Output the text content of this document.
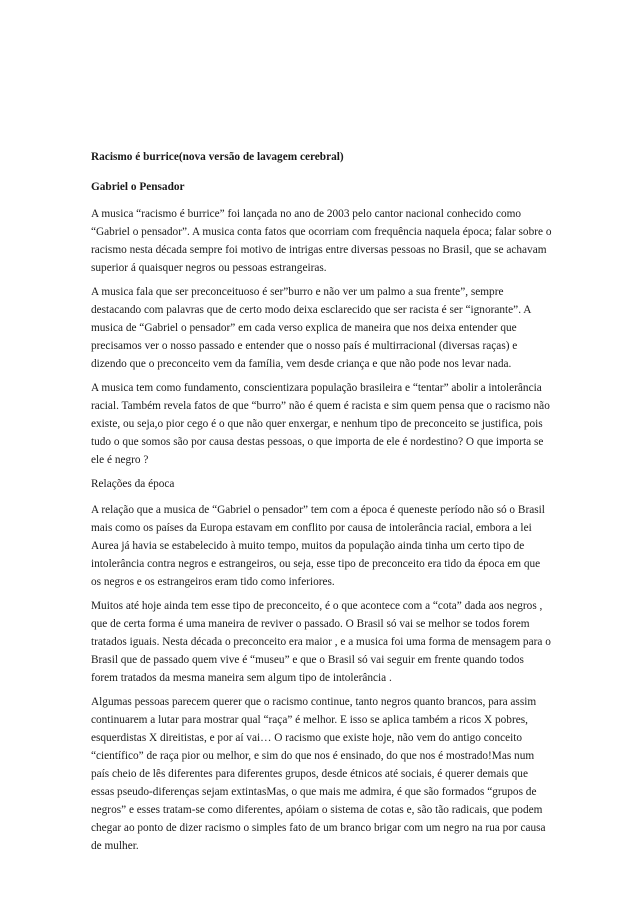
Racismo é burrice(nova versão de lavagem cerebral)

Gabriel o Pensador

A musica “racismo é burrice” foi lançada no ano de 2003 pelo cantor nacional conhecido como “Gabriel o pensador”. A musica conta fatos que ocorriam com frequência naquela época; falar sobre o racismo nesta década sempre foi motivo de intrigas entre diversas pessoas no Brasil, que se achavam superior á quaisquer negros ou pessoas estrangeiras.

A musica fala que ser preconceituoso é ser”burro e não ver um palmo a sua frente”, sempre destacando com palavras que de certo modo deixa esclarecido que ser racista é ser “ignorante”. A musica de “Gabriel o pensador” em cada verso explica de maneira que nos deixa entender que precisamos ver o nosso passado e entender que o nosso país é multirracional (diversas raças) e dizendo que o preconceito vem da família, vem desde criança e que não pode nos levar nada.

A musica tem como fundamento, conscientizara população brasileira e “tentar” abolir a intolerância racial. Também revela fatos de que “burro” não é quem é racista e sim quem pensa que o racismo não existe, ou seja,o pior cego é o que não quer enxergar, e nenhum tipo de preconceito se justifica, pois tudo o que somos são por causa destas pessoas, o que importa de ele é nordestino? O que importa se ele é negro ?

Relações da época

A relação que a musica de “Gabriel o pensador” tem com a época é queneste período não só o Brasil mais como os países da Europa estavam em conflito por causa de intolerância racial, embora a lei Aurea já havia se estabelecido à muito tempo, muitos da população ainda tinha um certo tipo de intolerância contra negros e estrangeiros, ou seja, esse tipo de preconceito era tido da época em que os negros e os estrangeiros eram tido como inferiores.

Muitos até hoje ainda tem esse tipo de preconceito, é o que acontece com a “cota” dada aos negros , que de certa forma é uma maneira de reviver o passado. O Brasil só vai se melhor se todos forem tratados iguais. Nesta década o preconceito era maior , e a musica foi uma forma de mensagem para o Brasil que de passado quem vive é “museu” e que o Brasil só vai seguir em frente quando todos forem tratados da mesma maneira sem algum tipo de intolerância .

Algumas pessoas parecem querer que o racismo continue, tanto negros quanto brancos, para assim continuarem a lutar para mostrar qual “raça” é melhor. E isso se aplica também a ricos X pobres, esquerdistas X direitistas, e por aí vai… O racismo que existe hoje, não vem do antigo conceito “científico” de raça pior ou melhor, e sim do que nos é ensinado, do que nos é mostrado!Mas num país cheio de lês diferentes para diferentes grupos, desde étnicos até sociais, é querer demais que essas pseudo-diferenças sejam extintasMas, o que mais me admira, é que são formados “grupos de negros” e esses tratam-se como diferentes, apóiam o sistema de cotas e, são tão radicais, que podem chegar ao ponto de dizer racismo o simples fato de um branco brigar com um negro na rua por causa de mulher.
